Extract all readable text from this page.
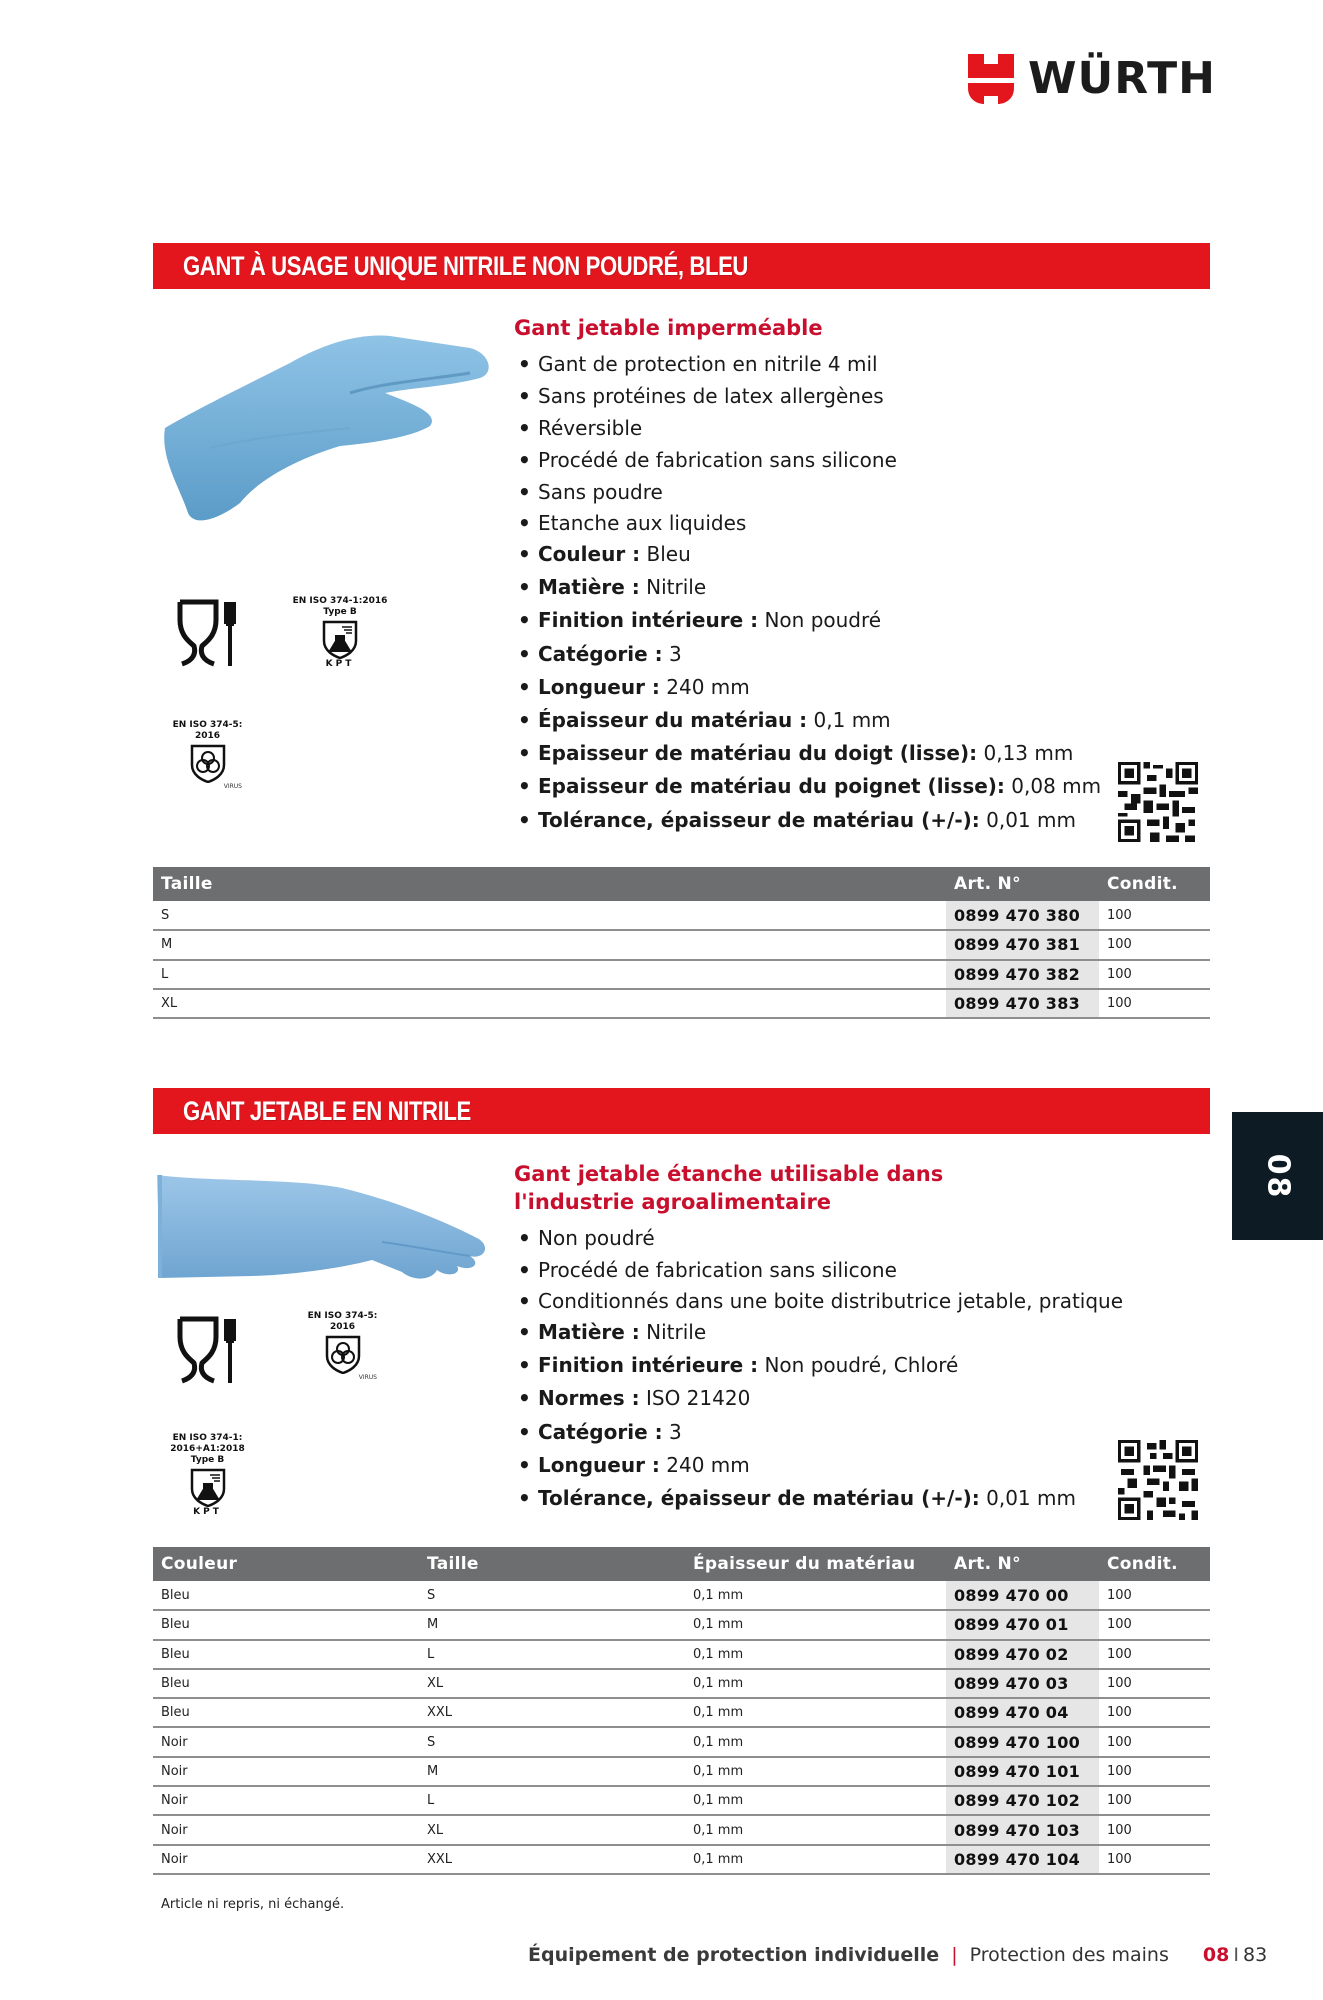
WÜRTH
GANT À USAGE UNIQUE NITRILE NON POUDRÉ, BLEU
EN ISO 374-1:2016
Type B
KPT
EN ISO 374-5:
2016
VIRUS
Gant jetable imperméable
• Gant de protection en nitrile 4 mil
• Sans protéines de latex allergènes
• Réversible
• Procédé de fabrication sans silicone
• Sans poudre
• Etanche aux liquides
• Couleur : Bleu
• Matière : Nitrile
• Finition intérieure : Non poudré
• Catégorie : 3
• Longueur : 240 mm
• Épaisseur du matériau : 0,1 mm
• Epaisseur de matériau du doigt (lisse): 0,13 mm
• Epaisseur de matériau du poignet (lisse): 0,08 mm
• Tolérance, épaisseur de matériau (+/-): 0,01 mm
Taille	Art. N°	Condit.
S	0899 470 380	100
M	0899 470 381	100
L	0899 470 382	100
XL	0899 470 383	100
GANT JETABLE EN NITRILE
08
EN ISO 374-5:
2016
VIRUS
EN ISO 374-1:
2016+A1:2018
Type B
KPT
Gant jetable étanche utilisable dans l'industrie agroalimentaire
• Non poudré
• Procédé de fabrication sans silicone
• Conditionnés dans une boite distributrice jetable, pratique
• Matière : Nitrile
• Finition intérieure : Non poudré, Chloré
• Normes : ISO 21420
• Catégorie : 3
• Longueur : 240 mm
• Tolérance, épaisseur de matériau (+/-): 0,01 mm
Couleur	Taille	Épaisseur du matériau	Art. N°	Condit.
Bleu	S	0,1 mm	0899 470 00	100
Bleu	M	0,1 mm	0899 470 01	100
Bleu	L	0,1 mm	0899 470 02	100
Bleu	XL	0,1 mm	0899 470 03	100
Bleu	XXL	0,1 mm	0899 470 04	100
Noir	S	0,1 mm	0899 470 100	100
Noir	M	0,1 mm	0899 470 101	100
Noir	L	0,1 mm	0899 470 102	100
Noir	XL	0,1 mm	0899 470 103	100
Noir	XXL	0,1 mm	0899 470 104	100
Article ni repris, ni échangé.
Équipement de protection individuelle | Protection des mains 08 I 83
